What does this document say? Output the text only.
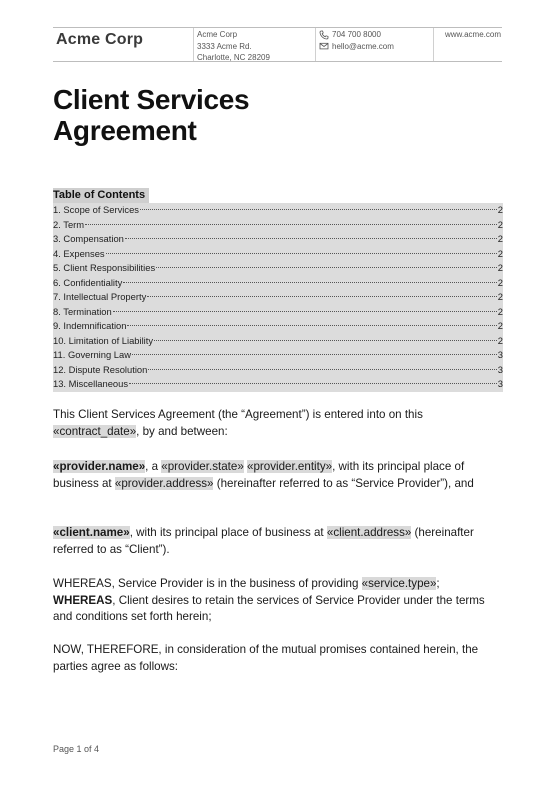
Acme Corp	Acme Corp
3333 Acme Rd.
Charlotte, NC 28209
704 700 8000
hello@acme.com
www.acme.com
Client Services
Agreement
Table of Contents
1. Scope of Services	2
2. Term	2
3. Compensation	2
4. Expenses	2
5. Client Responsibilities	2
6. Confidentiality	2
7. Intellectual Property	2
8. Termination	2
9. Indemnification	2
10. Limitation of Liability	2
11. Governing Law	3
12. Dispute Resolution	3
13. Miscellaneous	3
This Client Services Agreement (the “Agreement”) is entered into on this «contract_date», by and between:
«provider.name», a «provider.state» «provider.entity», with its principal place of business at «provider.address» (hereinafter referred to as “Service Provider”), and
«client.name», with its principal place of business at «client.address» (hereinafter referred to as “Client”).
WHEREAS, Service Provider is in the business of providing «service.type»;
WHEREAS, Client desires to retain the services of Service Provider under the terms and conditions set forth herein;
NOW, THEREFORE, in consideration of the mutual promises contained herein, the parties agree as follows:
Page 1 of 4
